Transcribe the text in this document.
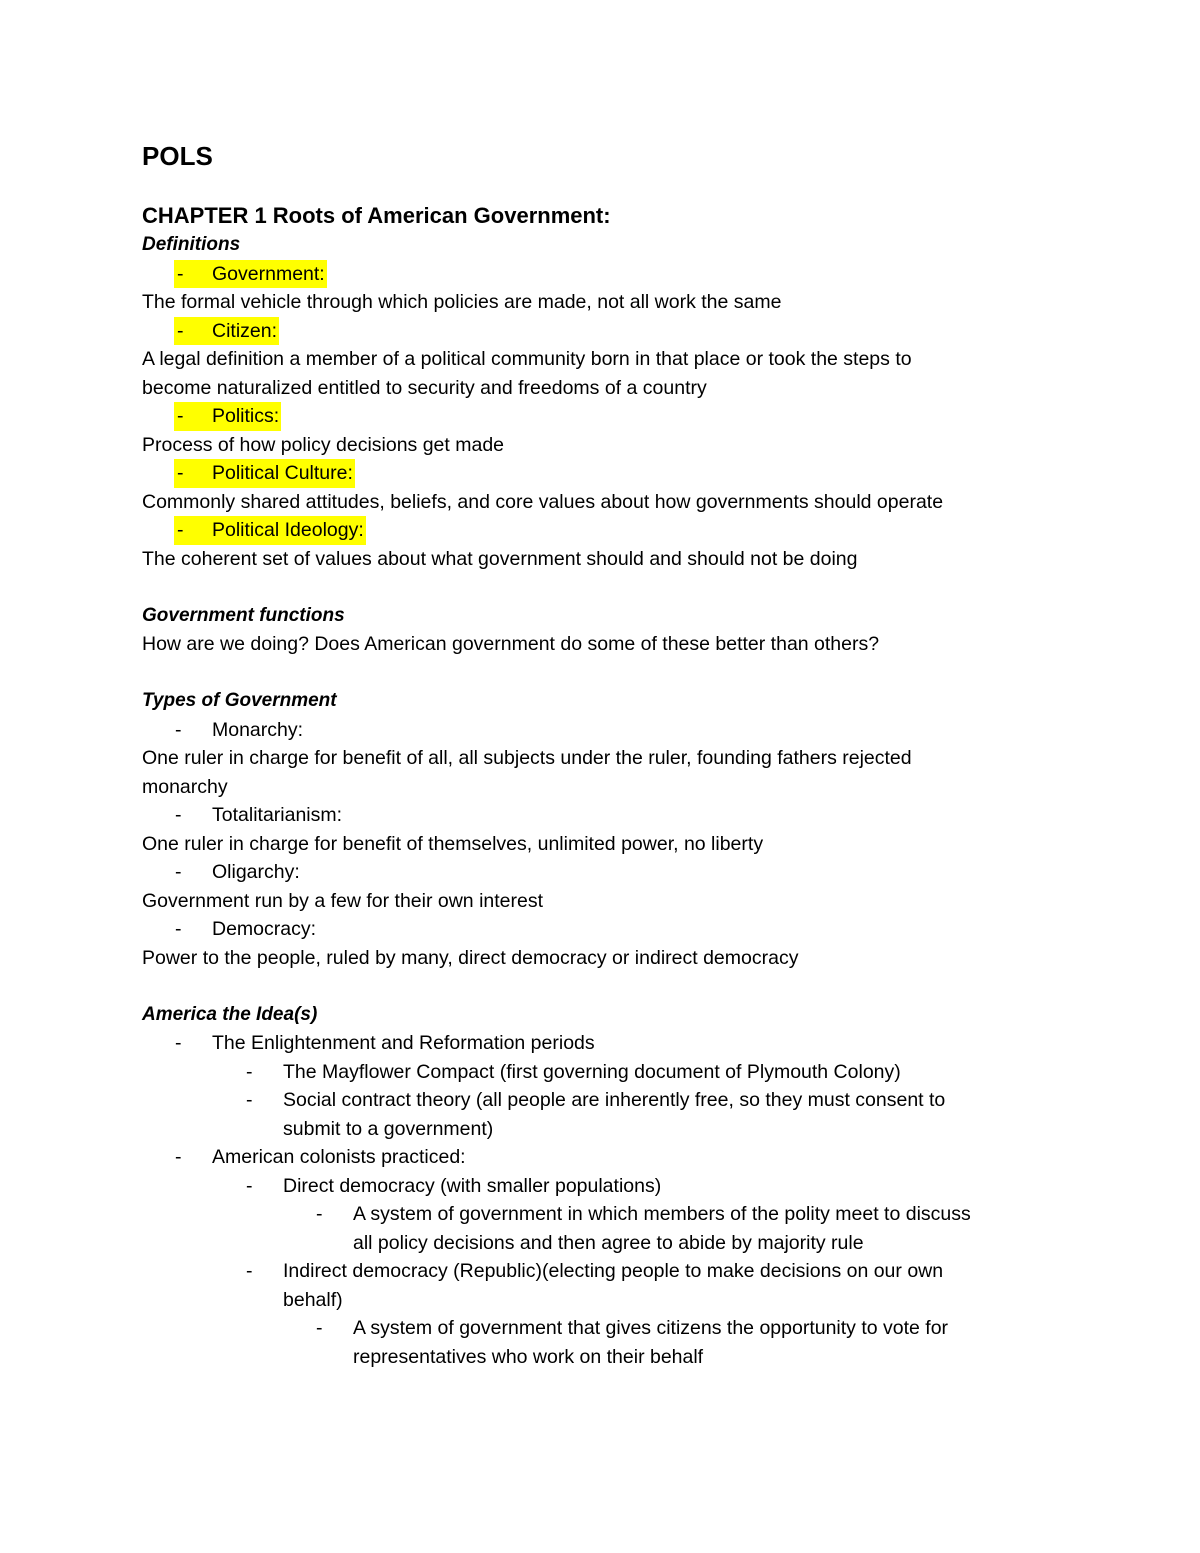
POLS
CHAPTER 1 Roots of American Government:
Definitions
- Government:

The formal vehicle through which policies are made, not all work the same

- Citizen:

A legal definition a member of a political community born in that place or took the steps to

become naturalized entitled to security and freedoms of a country

- Politics:

Process of how policy decisions get made

- Political Culture:

Commonly shared attitudes, beliefs, and core values about how governments should operate

- Political Ideology:

The coherent set of values about what government should and should not be doing

Government functions

How are we doing? Does American government do some of these better than others?

Types of Government
- Monarchy:

One ruler in charge for benefit of all, all subjects under the ruler, founding fathers rejected

monarchy

- Totalitarianism:

One ruler in charge for benefit of themselves, unlimited power, no liberty

- Oligarchy:

Government run by a few for their own interest

- Democracy:

Power to the people, ruled by many, direct democracy or indirect democracy

America the Idea(s)
- The Enlightenment and Reformation periods
- The Mayflower Compact (first governing document of Plymouth Colony)
- Social contract theory (all people are inherently free, so they must consent to
submit to a government)
- American colonists practiced:
- Direct democracy (with smaller populations)
- A system of government in which members of the polity meet to discuss
all policy decisions and then agree to abide by majority rule
- Indirect democracy (Republic)(electing people to make decisions on our own
behalf)
- A system of government that gives citizens the opportunity to vote for
representatives who work on their behalf
